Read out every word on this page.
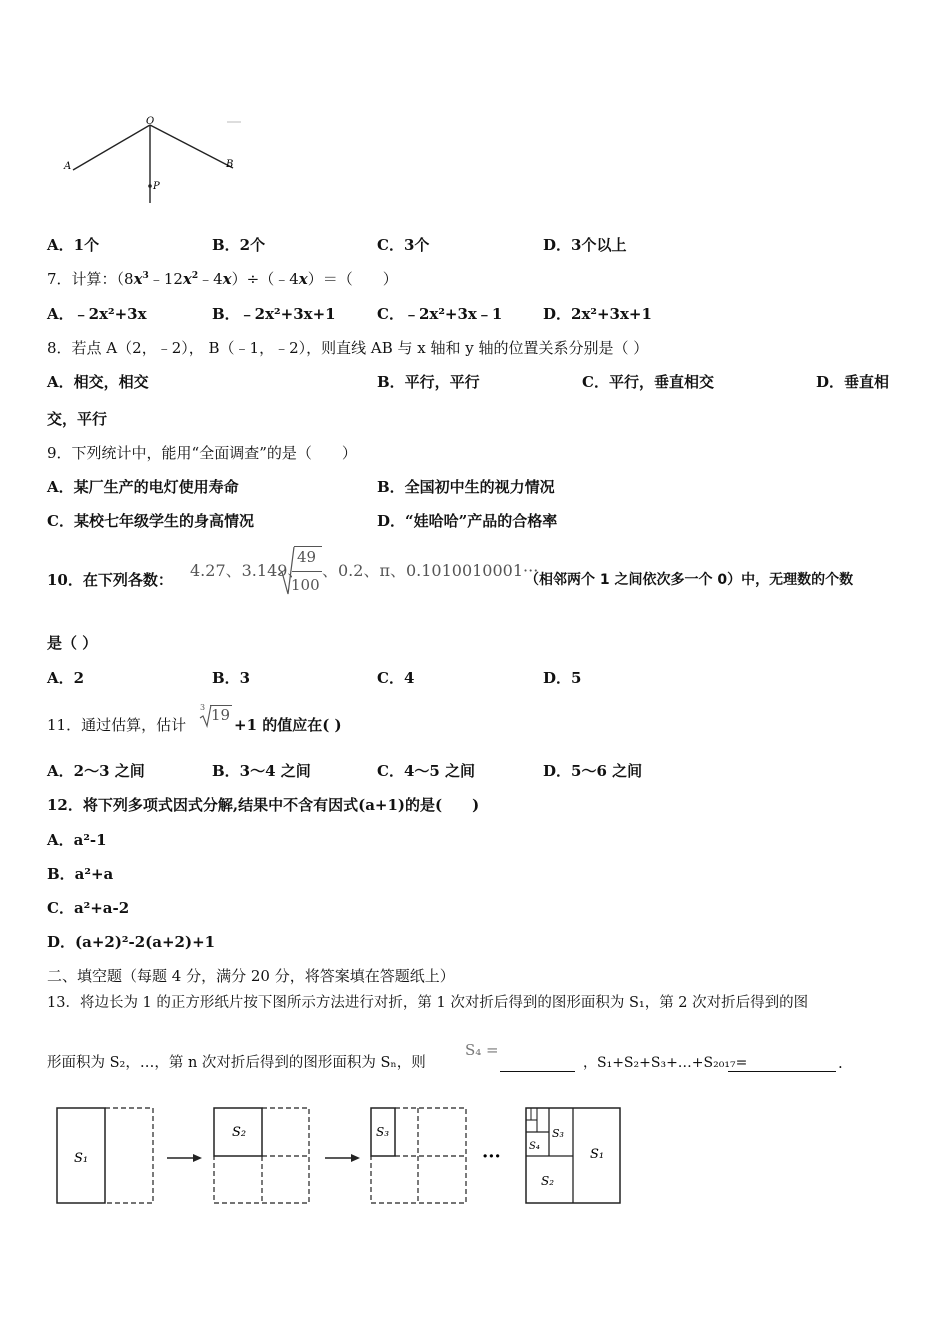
O
A	B
P
A．1个	B．2个	C．3个	D．3个以上
7．计算：$(8x^3﹣12x^2﹣4x)\div(﹣4x)=$（　　）
A．﹣2x²+3x	B．﹣2x²+3x+1	C．﹣2x²+3x﹣1	D．2x²+3x+1
8．若点 A（2，﹣2）， B（﹣1，﹣2），则直线 AB 与 x 轴和 y 轴的位置关系分别是（ ）
A．相交，相交	B．平行，平行	C．平行，垂直相交	D．垂直相
交，平行
9．下列统计中，能用“全面调查”的是（　　）
A．某厂生产的电灯使用寿命	B．全国初中生的视力情况
C．某校七年级学生的身高情况	D．“娃哈哈”产品的合格率
10．在下列各数： 4.27、3.149、
49
100
、0.2、π、0.1010010001···
（相邻两个 1 之间依次多一个 0）中，无理数的个数
是（ ）
A．2	B．3	C．4	D．5
11．通过估算，估计
3 19
+1 的值应在( )
A．2～3 之间	B．3～4 之间	C．4～5 之间	D．5～6 之间
12．将下列多项式因式分解,结果中不含有因式(a+1)的是(　　)
A．a²-1
B．a²+a
C．a²+a-2
D．(a+2)²-2(a+2)+1
二、填空题（每题 4 分，满分 20 分，将答案填在答题纸上）
13．将边长为 1 的正方形纸片按下图所示方法进行对折，第 1 次对折后得到的图形面积为 S₁，第 2 次对折后得到的图
形面积为 S₂，…，第 n 次对折后得到的图形面积为 Sₙ，则
S₄ =
，S₁+S₂+S₃+…+S₂₀₁₇=	.
S₁
S₂	S₃
···	S₁
S₂
S₃
S₄
